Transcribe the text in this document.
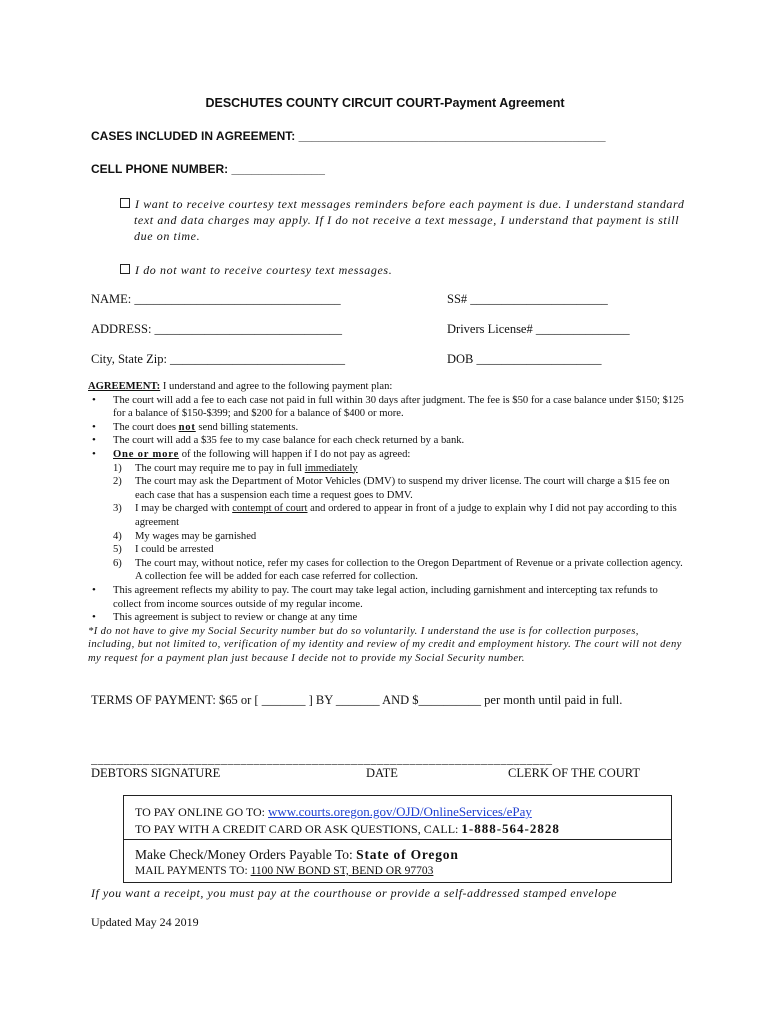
DESCHUTES COUNTY CIRCUIT COURT-Payment Agreement
CASES INCLUDED IN AGREEMENT: ______________________________________________
CELL PHONE NUMBER: ______________
I want to receive courtesy text messages reminders before each payment is due. I understand standard text and data charges may apply. If I do not receive a text message, I understand that payment is still due on time.
I do not want to receive courtesy text messages.
NAME: _________________________________	SS# ______________________
ADDRESS: ______________________________	Drivers License# _______________
City, State Zip: ____________________________	DOB ____________________
AGREEMENT: I understand and agree to the following payment plan:
• The court will add a fee to each case not paid in full within 30 days after judgment. The fee is $50 for a case balance under $150; $125 for a balance of $150-$399; and $200 for a balance of $400 or more.
• The court does not send billing statements.
• The court will add a $35 fee to my case balance for each check returned by a bank.
• One or more of the following will happen if I do not pay as agreed:
1)	The court may require me to pay in full immediately
2)	The court may ask the Department of Motor Vehicles (DMV) to suspend my driver license. The court will charge a $15 fee on each case that has a suspension each time a request goes to DMV.
3)	I may be charged with contempt of court and ordered to appear in front of a judge to explain why I did not pay according to this agreement
4)	My wages may be garnished
5)	I could be arrested
6)	The court may, without notice, refer my cases for collection to the Oregon Department of Revenue or a private collection agency. A collection fee will be added for each case referred for collection.
• This agreement reflects my ability to pay. The court may take legal action, including garnishment and intercepting tax refunds to collect from income sources outside of my regular income.
• This agreement is subject to review or change at any time
*I do not have to give my Social Security number but do so voluntarily. I understand the use is for collection purposes, including, but not limited to, verification of my identity and review of my credit and employment history. The court will not deny my request for a payment plan just because I decide not to provide my Social Security number.
TERMS OF PAYMENT: $65 or [ _______ ] BY _______ AND $__________ per month until paid in full.
_______________________________________________________________________
DEBTORS SIGNATURE	DATE	CLERK OF THE COURT
TO PAY ONLINE GO TO: www.courts.oregon.gov/OJD/OnlineServices/ePay
TO PAY WITH A CREDIT CARD OR ASK QUESTIONS, CALL: 1-888-564-2828
Make Check/Money Orders Payable To: State of Oregon
MAIL PAYMENTS TO: 1100 NW BOND ST, BEND OR 97703
If you want a receipt, you must pay at the courthouse or provide a self-addressed stamped envelope
Updated May 24 2019
